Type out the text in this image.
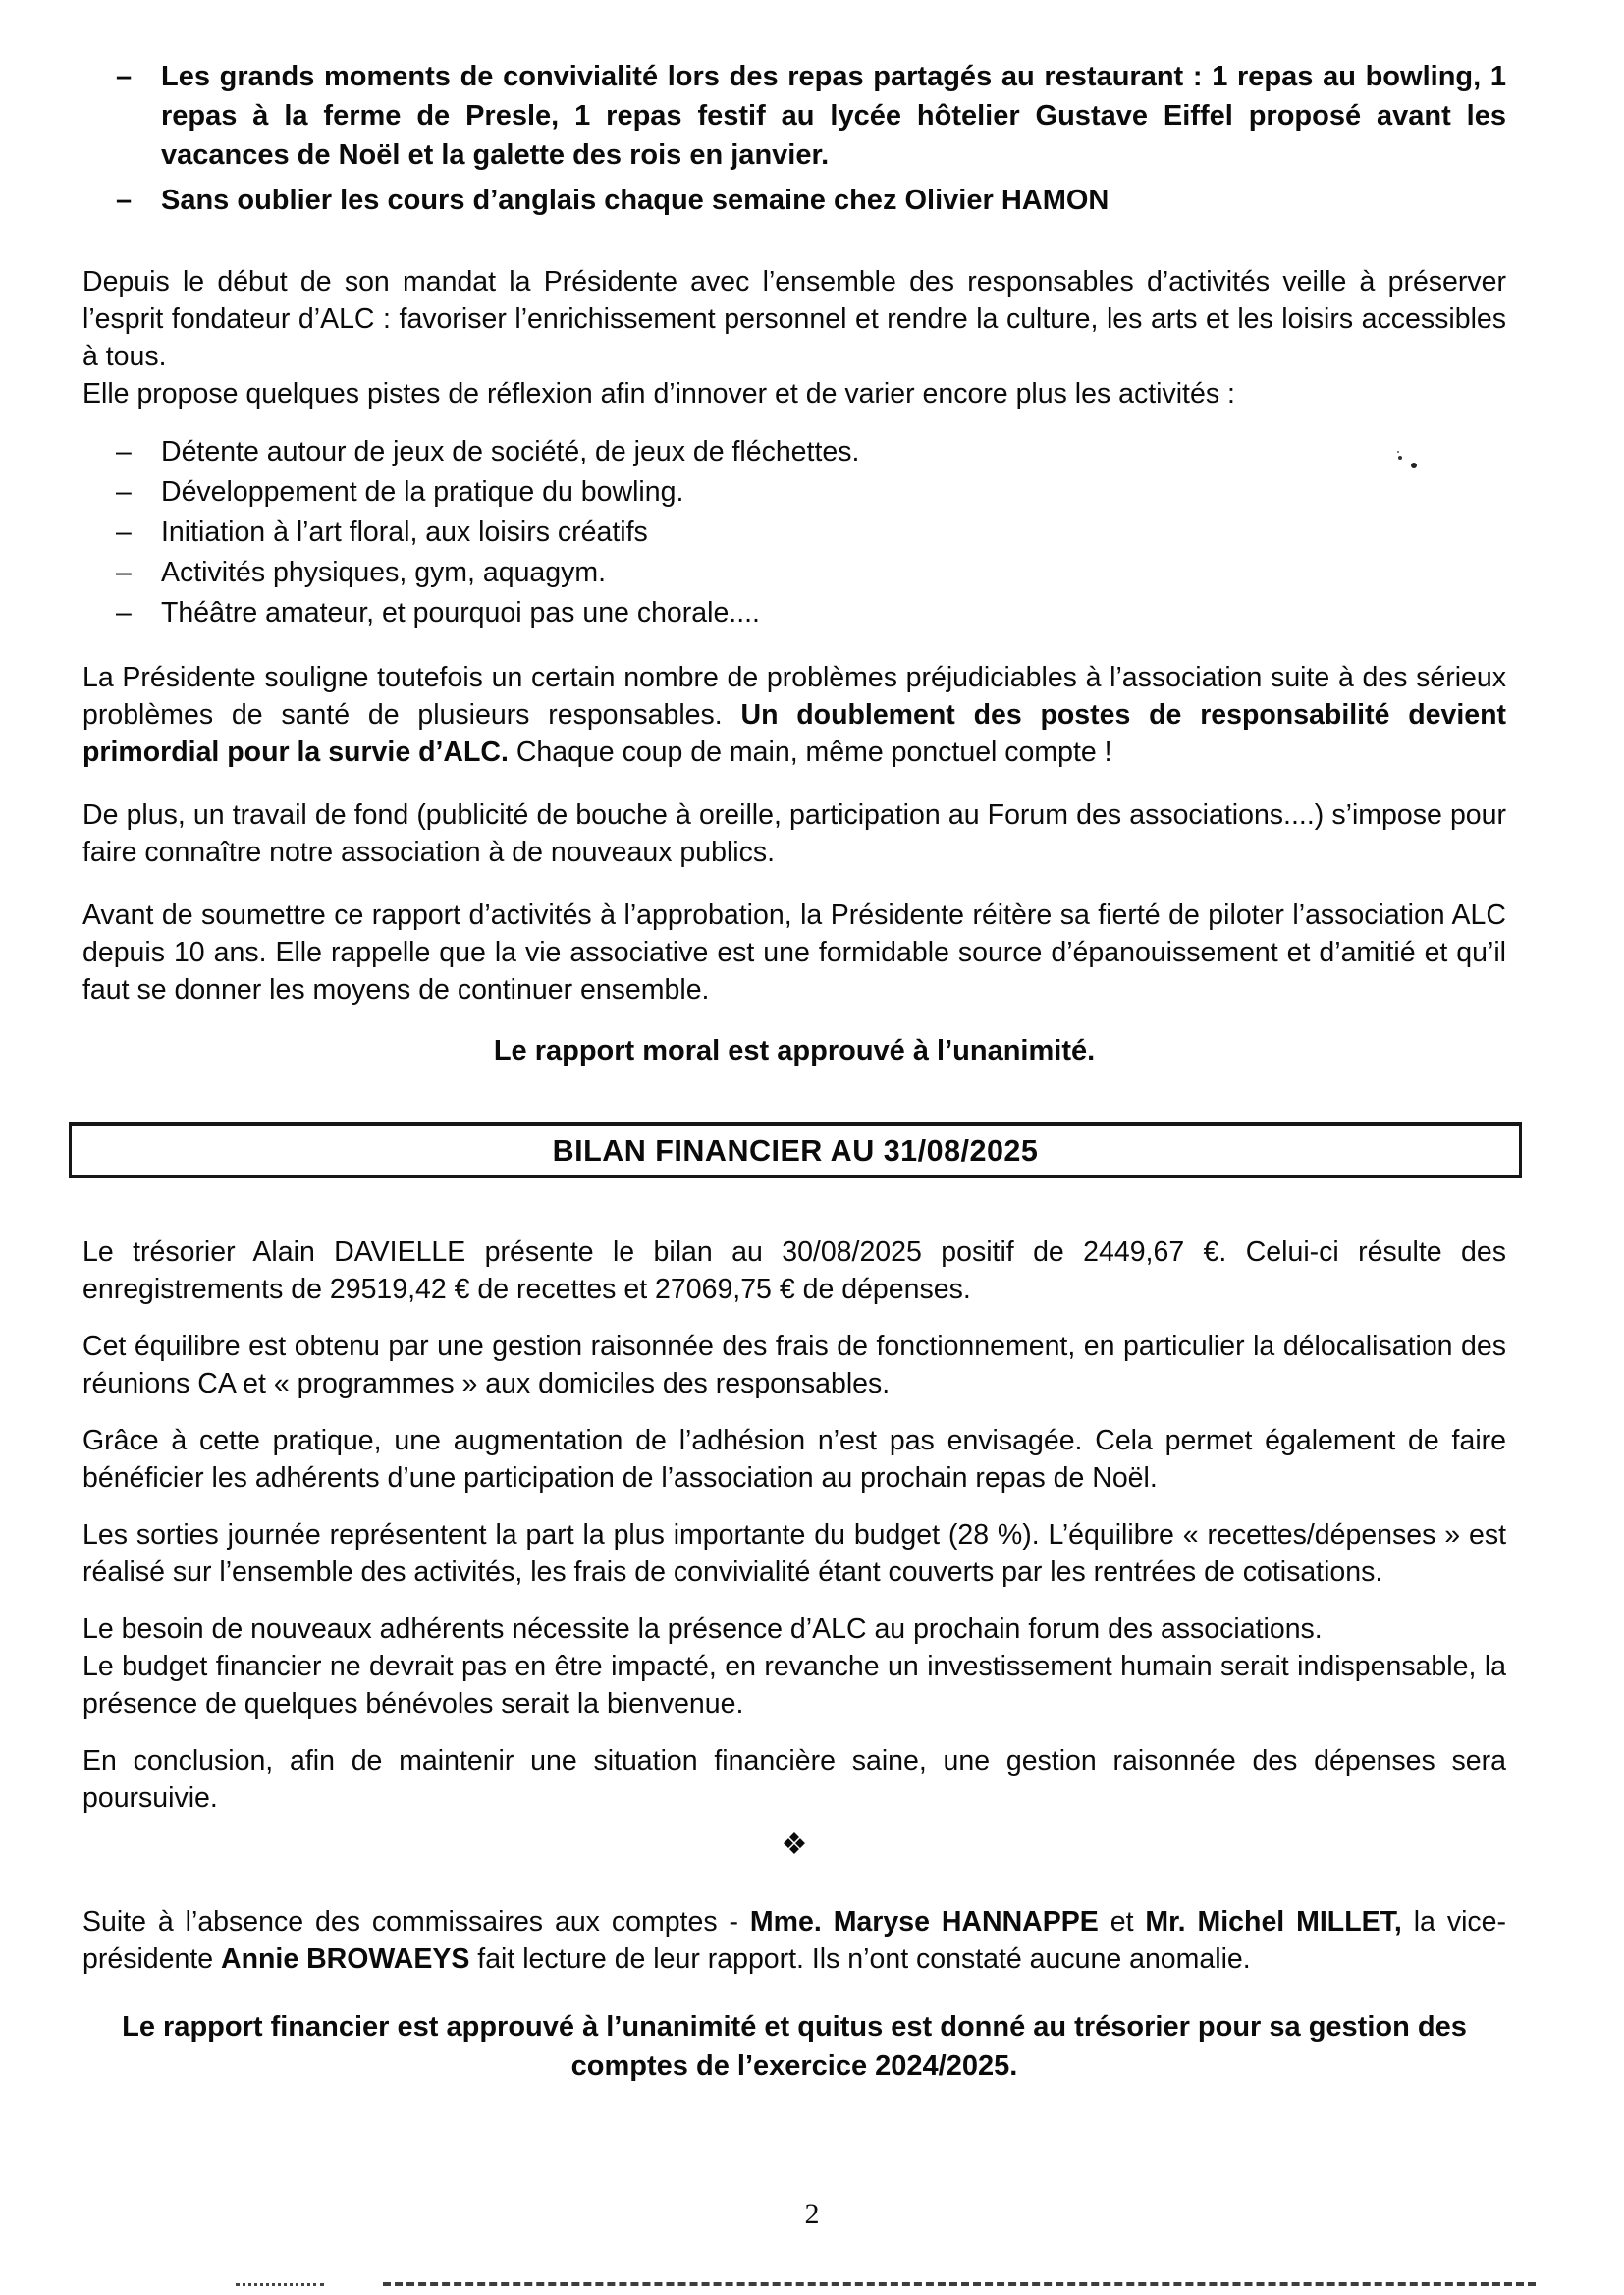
–	Les grands moments de convivialité lors des repas partagés au restaurant : 1 repas au bowling, 1 repas à la ferme de Presle, 1 repas festif au lycée hôtelier Gustave Eiffel proposé avant les vacances de Noël et la galette des rois en janvier.
–	Sans oublier les cours d’anglais chaque semaine chez Olivier HAMON

Depuis le début de son mandat la Présidente avec l’ensemble des responsables d’activités veille à préserver l’esprit fondateur d’ALC : favoriser l’enrichissement personnel et rendre la culture, les arts et les loisirs accessibles à tous.

Elle propose quelques pistes de réflexion afin d’innover et de varier encore plus les activités :

–	Détente autour de jeux de société, de jeux de fléchettes.
–	Développement de la pratique du bowling.
–	Initiation à l’art floral, aux loisirs créatifs
–	Activités physiques, gym, aquagym.
–	Théâtre amateur, et pourquoi pas une chorale....

La Présidente souligne toutefois un certain nombre de problèmes préjudiciables à l’association suite à des sérieux problèmes de santé de plusieurs responsables. Un doublement des postes de responsabilité devient primordial pour la survie d’ALC. Chaque coup de main, même ponctuel compte !

De plus, un travail de fond (publicité de bouche à oreille, participation au Forum des associations....) s’impose pour faire connaître notre association à de nouveaux publics.

Avant de soumettre ce rapport d’activités à l’approbation, la Présidente réitère sa fierté de piloter l’association ALC depuis 10 ans. Elle rappelle que la vie associative est une formidable source d’épanouissement et d’amitié et qu’il faut se donner les moyens de continuer ensemble.

Le rapport moral est approuvé à l’unanimité.

BILAN FINANCIER AU 31/08/2025

Le trésorier Alain DAVIELLE présente le bilan au 30/08/2025 positif de 2449,67 €. Celui-ci résulte des enregistrements de 29519,42 € de recettes et 27069,75 € de dépenses.

Cet équilibre est obtenu par une gestion raisonnée des frais de fonctionnement, en particulier la délocalisation des réunions CA et « programmes » aux domiciles des responsables.

Grâce à cette pratique, une augmentation de l’adhésion n’est pas envisagée. Cela permet également de faire bénéficier les adhérents d’une participation de l’association au prochain repas de Noël.

Les sorties journée représentent la part la plus importante du budget (28 %). L’équilibre « recettes/dépenses » est réalisé sur l’ensemble des activités, les frais de convivialité étant couverts par les rentrées de cotisations.

Le besoin de nouveaux adhérents nécessite la présence d’ALC au prochain forum des associations.
Le budget financier ne devrait pas en être impacté, en revanche un investissement humain serait indispensable, la présence de quelques bénévoles serait la bienvenue.

En conclusion, afin de maintenir une situation financière saine, une gestion raisonnée des dépenses sera poursuivie.

❖

Suite à l’absence des commissaires aux comptes - Mme. Maryse HANNAPPE et Mr. Michel MILLET, la vice-présidente Annie BROWAEYS fait lecture de leur rapport. Ils n’ont constaté aucune anomalie.

Le rapport financier est approuvé à l’unanimité et quitus est donné au trésorier pour sa gestion des comptes de l’exercice 2024/2025.

2
